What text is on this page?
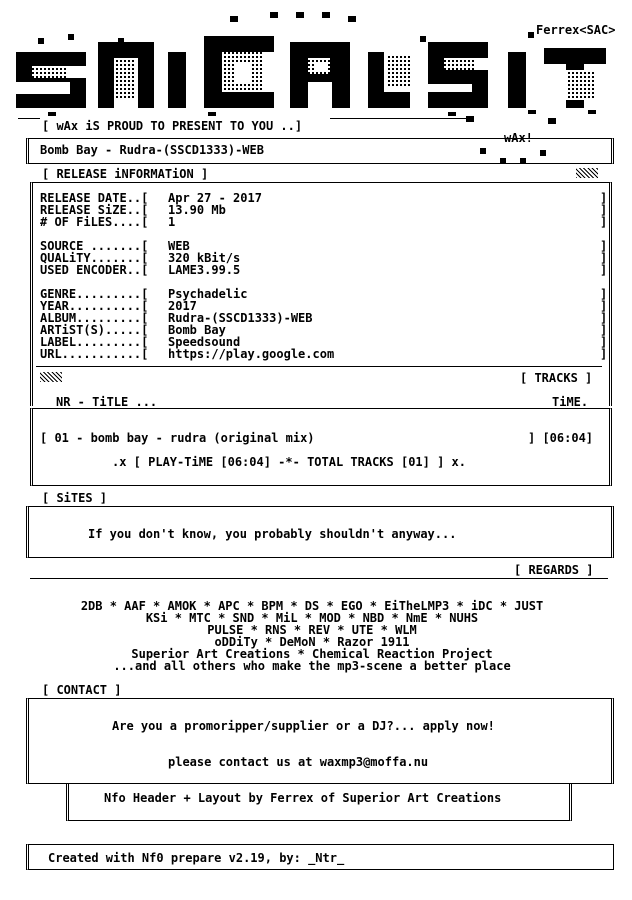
Ferrex<SAC>
wAx!
[ wAx iS PROUD TO PRESENT TO YOU ..]
Bomb Bay - Rudra-(SSCD1333)-WEB
[ RELEASE iNFORMATiON ]
RELEASE DATE..[ Apr 27 - 2017
RELEASE SiZE..[ 13.90 Mb
# OF FiLES....[ 1
SOURCE .......[ WEB
QUALiTY.......[ 320 kBit/s
USED ENCODER..[ LAME3.99.5
GENRE.........[ Psychadelic
YEAR..........[ 2017
ALBUM.........[ Rudra-(SSCD1333)-WEB
ARTiST(S).....[ Bomb Bay
LABEL.........[ Speedsound
URL...........[ https://play.google.com
]
]
]
]
]
]
]
]
]
]
]
]
[ TRACKS ]
NR - TiTLE ...	TiME.
[ 01 - bomb bay - rudra (original mix)	] [06:04]
.x [ PLAY-TiME [06:04] -*- TOTAL TRACKS [01] ] x.
[ SiTES ]
If you don't know, you probably shouldn't anyway...
[ REGARDS ]
2DB * AAF * AMOK * APC * BPM * DS * EGO * EiTheLMP3 * iDC * JUST
KSi * MTC * SND * MiL * MOD * NBD * NmE * NUHS
PULSE * RNS * REV * UTE * WLM
oDDiTy * DeMoN * Razor 1911
Superior Art Creations * Chemical Reaction Project
...and all others who make the mp3-scene a better place
[ CONTACT ]
Are you a promoripper/supplier or a DJ?... apply now!
please contact us at waxmp3@moffa.nu
Nfo Header + Layout by Ferrex of Superior Art Creations
Created with Nf0 prepare v2.19, by: _Ntr_
